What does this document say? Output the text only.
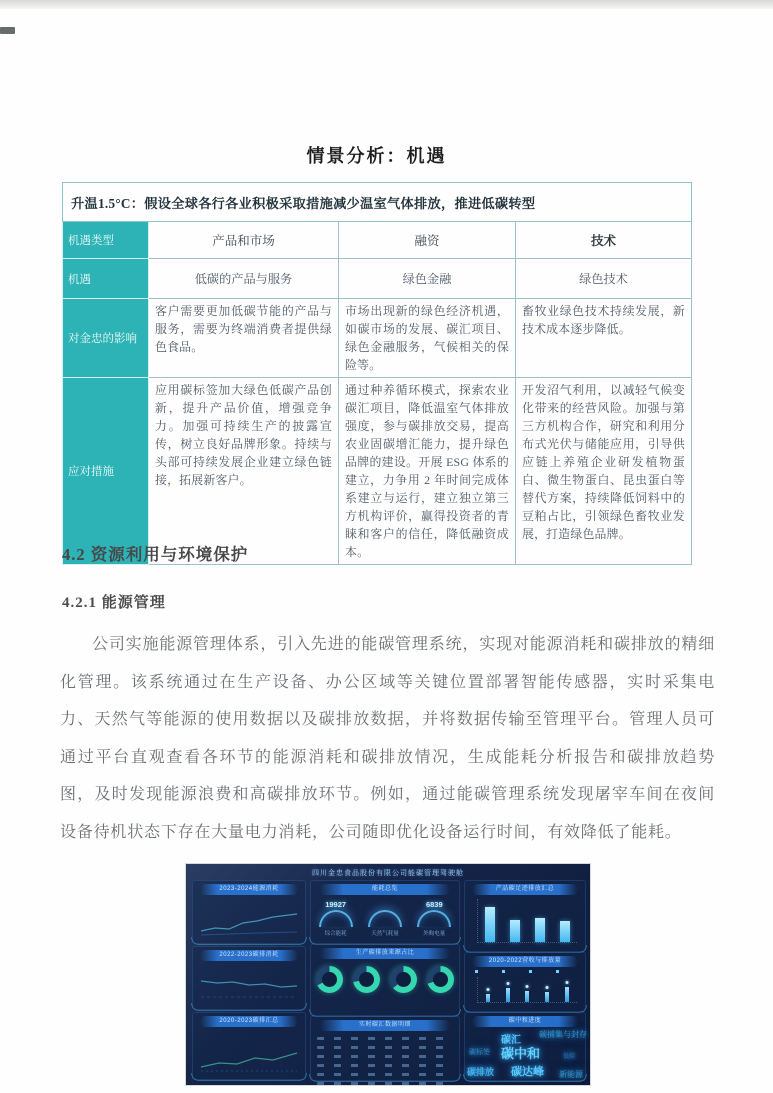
情景分析：机遇
升温1.5°C：假设全球各行各业积极采取措施减少温室气体排放，推进低碳转型			
机遇类型	产品和市场	融资	技术
机遇	低碳的产品与服务	绿色金融	绿色技术
对金忠的影响	客户需要更加低碳节能的产品与服务，需要为终端消费者提供绿色食品。	市场出现新的绿色经济机遇，如碳市场的发展、碳汇项目、绿色金融服务，气候相关的保险等。	畜牧业绿色技术持续发展，新技术成本逐步降低。
应对措施	应用碳标签加大绿色低碳产品创新，提升产品价值，增强竞争力。加强可持续生产的披露宣传，树立良好品牌形象。持续与头部可持续发展企业建立绿色链接，拓展新客户。	通过种养循环模式，探索农业碳汇项目，降低温室气体排放强度，参与碳排放交易，提高农业固碳增汇能力，提升绿色品牌的建设。开展 ESG 体系的建立，力争用 2 年时间完成体系建立与运行，建立独立第三方机构评价，赢得投资者的青睐和客户的信任，降低融资成本。	开发沼气利用，以减轻气候变化带来的经营风险。加强与第三方机构合作，研究和利用分布式光伏与储能应用，引导供应链上养殖企业研发植物蛋白、微生物蛋白、昆虫蛋白等替代方案，持续降低饲料中的豆粕占比，引领绿色畜牧业发展，打造绿色品牌。
4.2 资源利用与环境保护
4.2.1 能源管理

公司实施能源管理体系，引入先进的能碳管理系统，实现对能源消耗和碳排放的精细化管理。该系统通过在生产设备、办公区域等关键位置部署智能传感器，实时采集电力、天然气等能源的使用数据以及碳排放数据，并将数据传输至管理平台。管理人员可通过平台直观查看各环节的能源消耗和碳排放情况，生成能耗分析报告和碳排放趋势图，及时发现能源浪费和高碳排放环节。例如，通过能碳管理系统发现屠宰车间在夜间设备待机状态下存在大量电力消耗，公司随即优化设备运行时间，有效降低了能耗。

四川金忠食品股份有限公司能碳管理驾驶舱
2023-2024能源消耗
2022-2023碳排消耗
2020-2023碳排汇总
能耗总览
19927
综合能耗	天然气耗量
6839
外购电量
生产碳排放来源占比
实时碳汇数据明细
产品碳足迹排放汇总
2020-2022营收与排放量
碳中和进度
碳汇
碳捕集与封存
碳标签 碳中和	低碳
碳排放 碳达峰 新能源
